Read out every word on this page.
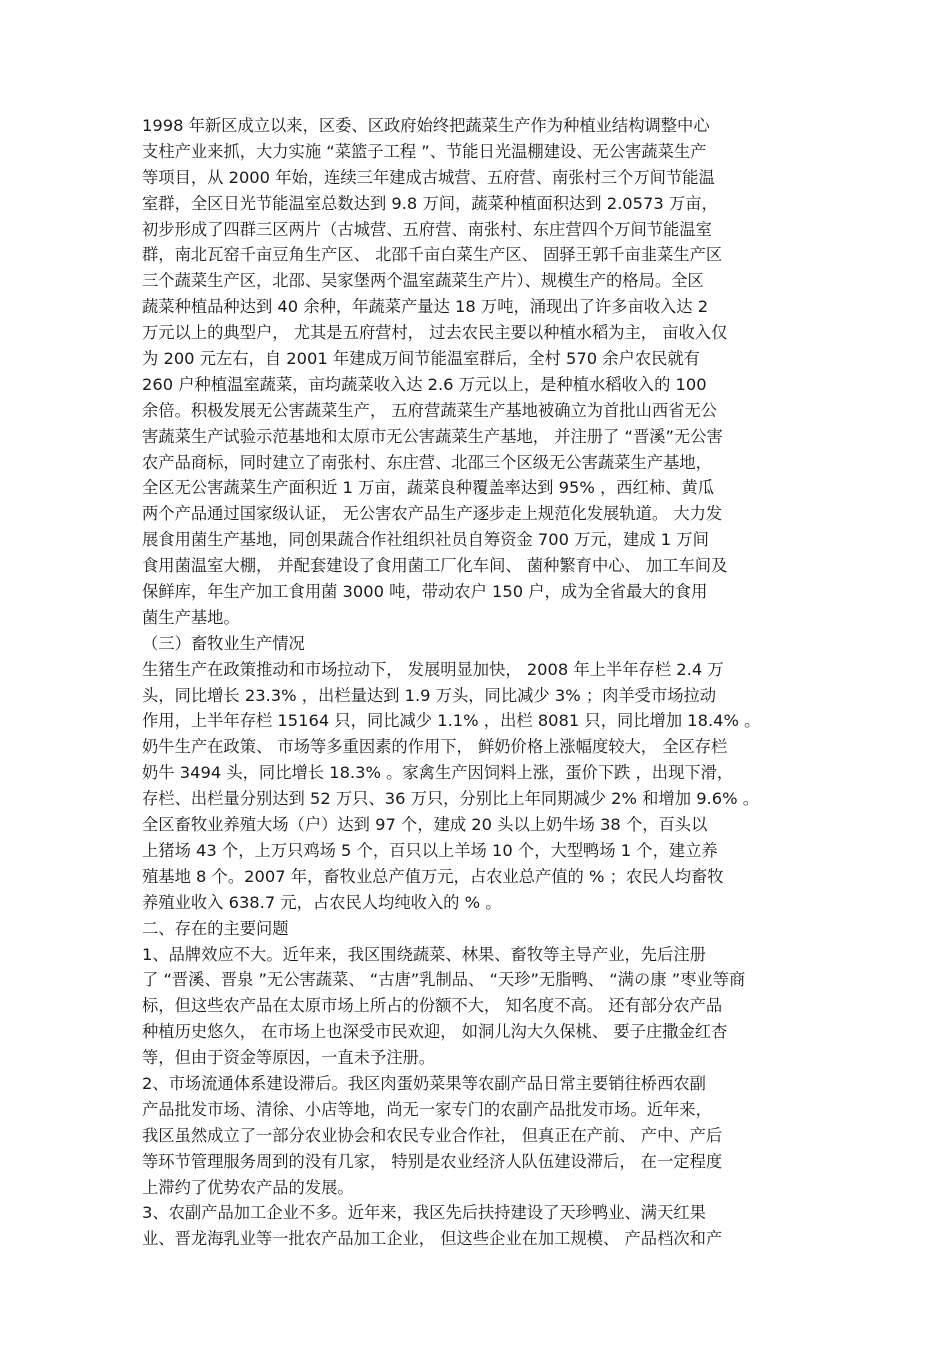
1998 年新区成立以来，区委、区政府始终把蔬菜生产作为种植业结构调整中心
支柱产业来抓，大力实施 “菜篮子工程 ”、节能日光温棚建设、无公害蔬菜生产
等项目，从 2000 年始，连续三年建成古城营、五府营、南张村三个万间节能温
室群，全区日光节能温室总数达到 9.8 万间，蔬菜种植面积达到 2.0573 万亩，
初步形成了四群三区两片（古城营、五府营、南张村、东庄营四个万间节能温室
群，南北瓦窑千亩豆角生产区、 北邵千亩白菜生产区、 固驿王郭千亩韭菜生产区
三个蔬菜生产区，北邵、吴家堡两个温室蔬菜生产片）、规模生产的格局。全区
蔬菜种植品种达到 40 余种，年蔬菜产量达 18 万吨，涌现出了许多亩收入达 2
万元以上的典型户， 尤其是五府营村， 过去农民主要以种植水稻为主， 亩收入仅
为 200 元左右，自 2001 年建成万间节能温室群后，全村 570 余户农民就有
260 户种植温室蔬菜，亩均蔬菜收入达 2.6 万元以上，是种植水稻收入的 100
余倍。积极发展无公害蔬菜生产， 五府营蔬菜生产基地被确立为首批山西省无公
害蔬菜生产试验示范基地和太原市无公害蔬菜生产基地， 并注册了 “晋溪”无公害
农产品商标，同时建立了南张村、东庄营、北邵三个区级无公害蔬菜生产基地，
全区无公害蔬菜生产面积近 1 万亩，蔬菜良种覆盖率达到 95% ，西红柿、黄瓜
两个产品通过国家级认证， 无公害农产品生产逐步走上规范化发展轨道。 大力发
展食用菌生产基地，同创果蔬合作社组织社员自筹资金 700 万元，建成 1 万间
食用菌温室大棚， 并配套建设了食用菌工厂化车间、 菌种繁育中心、 加工车间及
保鲜库，年生产加工食用菌 3000 吨，带动农户 150 户，成为全省最大的食用
菌生产基地。
（三）畜牧业生产情况
生猪生产在政策推动和市场拉动下， 发展明显加快， 2008 年上半年存栏 2.4 万
头，同比增长 23.3% ，出栏量达到 1.9 万头，同比减少 3% ；肉羊受市场拉动
作用，上半年存栏 15164 只，同比减少 1.1% ，出栏 8081 只，同比增加 18.4% 。
奶牛生产在政策、 市场等多重因素的作用下， 鲜奶价格上涨幅度较大， 全区存栏
奶牛 3494 头，同比增长 18.3% 。家禽生产因饲料上涨，蛋价下跌 ，出现下滑，
存栏、出栏量分别达到 52 万只、36 万只，分别比上年同期减少 2% 和增加 9.6% 。
全区畜牧业养殖大场（户）达到 97 个，建成 20 头以上奶牛场 38 个，百头以
上猪场 43 个，上万只鸡场 5 个，百只以上羊场 10 个，大型鸭场 1 个，建立养
殖基地 8 个。2007 年，畜牧业总产值万元，占农业总产值的 % ；农民人均畜牧
养殖业收入 638.7 元，占农民人均纯收入的 % 。
二、存在的主要问题
1、品牌效应不大。近年来，我区围绕蔬菜、林果、畜牧等主导产业，先后注册
了 “晋溪、晋泉 ”无公害蔬菜、 “古唐”乳制品、 “天珍”无脂鸭、 “满の康 ”枣业等商
标，但这些农产品在太原市场上所占的份额不大， 知名度不高。 还有部分农产品
种植历史悠久， 在市场上也深受市民欢迎， 如洞儿沟大久保桃、 要子庄撒金红杏
等，但由于资金等原因，一直未予注册。
2、市场流通体系建设滞后。我区肉蛋奶菜果等农副产品日常主要销往桥西农副
产品批发市场、清徐、小店等地，尚无一家专门的农副产品批发市场。近年来，
我区虽然成立了一部分农业协会和农民专业合作社， 但真正在产前、 产中、产后
等环节管理服务周到的没有几家， 特别是农业经济人队伍建设滞后， 在一定程度
上滞约了优势农产品的发展。
3、农副产品加工企业不多。近年来，我区先后扶持建设了天珍鸭业、满天红果
业、晋龙海乳业等一批农产品加工企业， 但这些企业在加工规模、 产品档次和产
